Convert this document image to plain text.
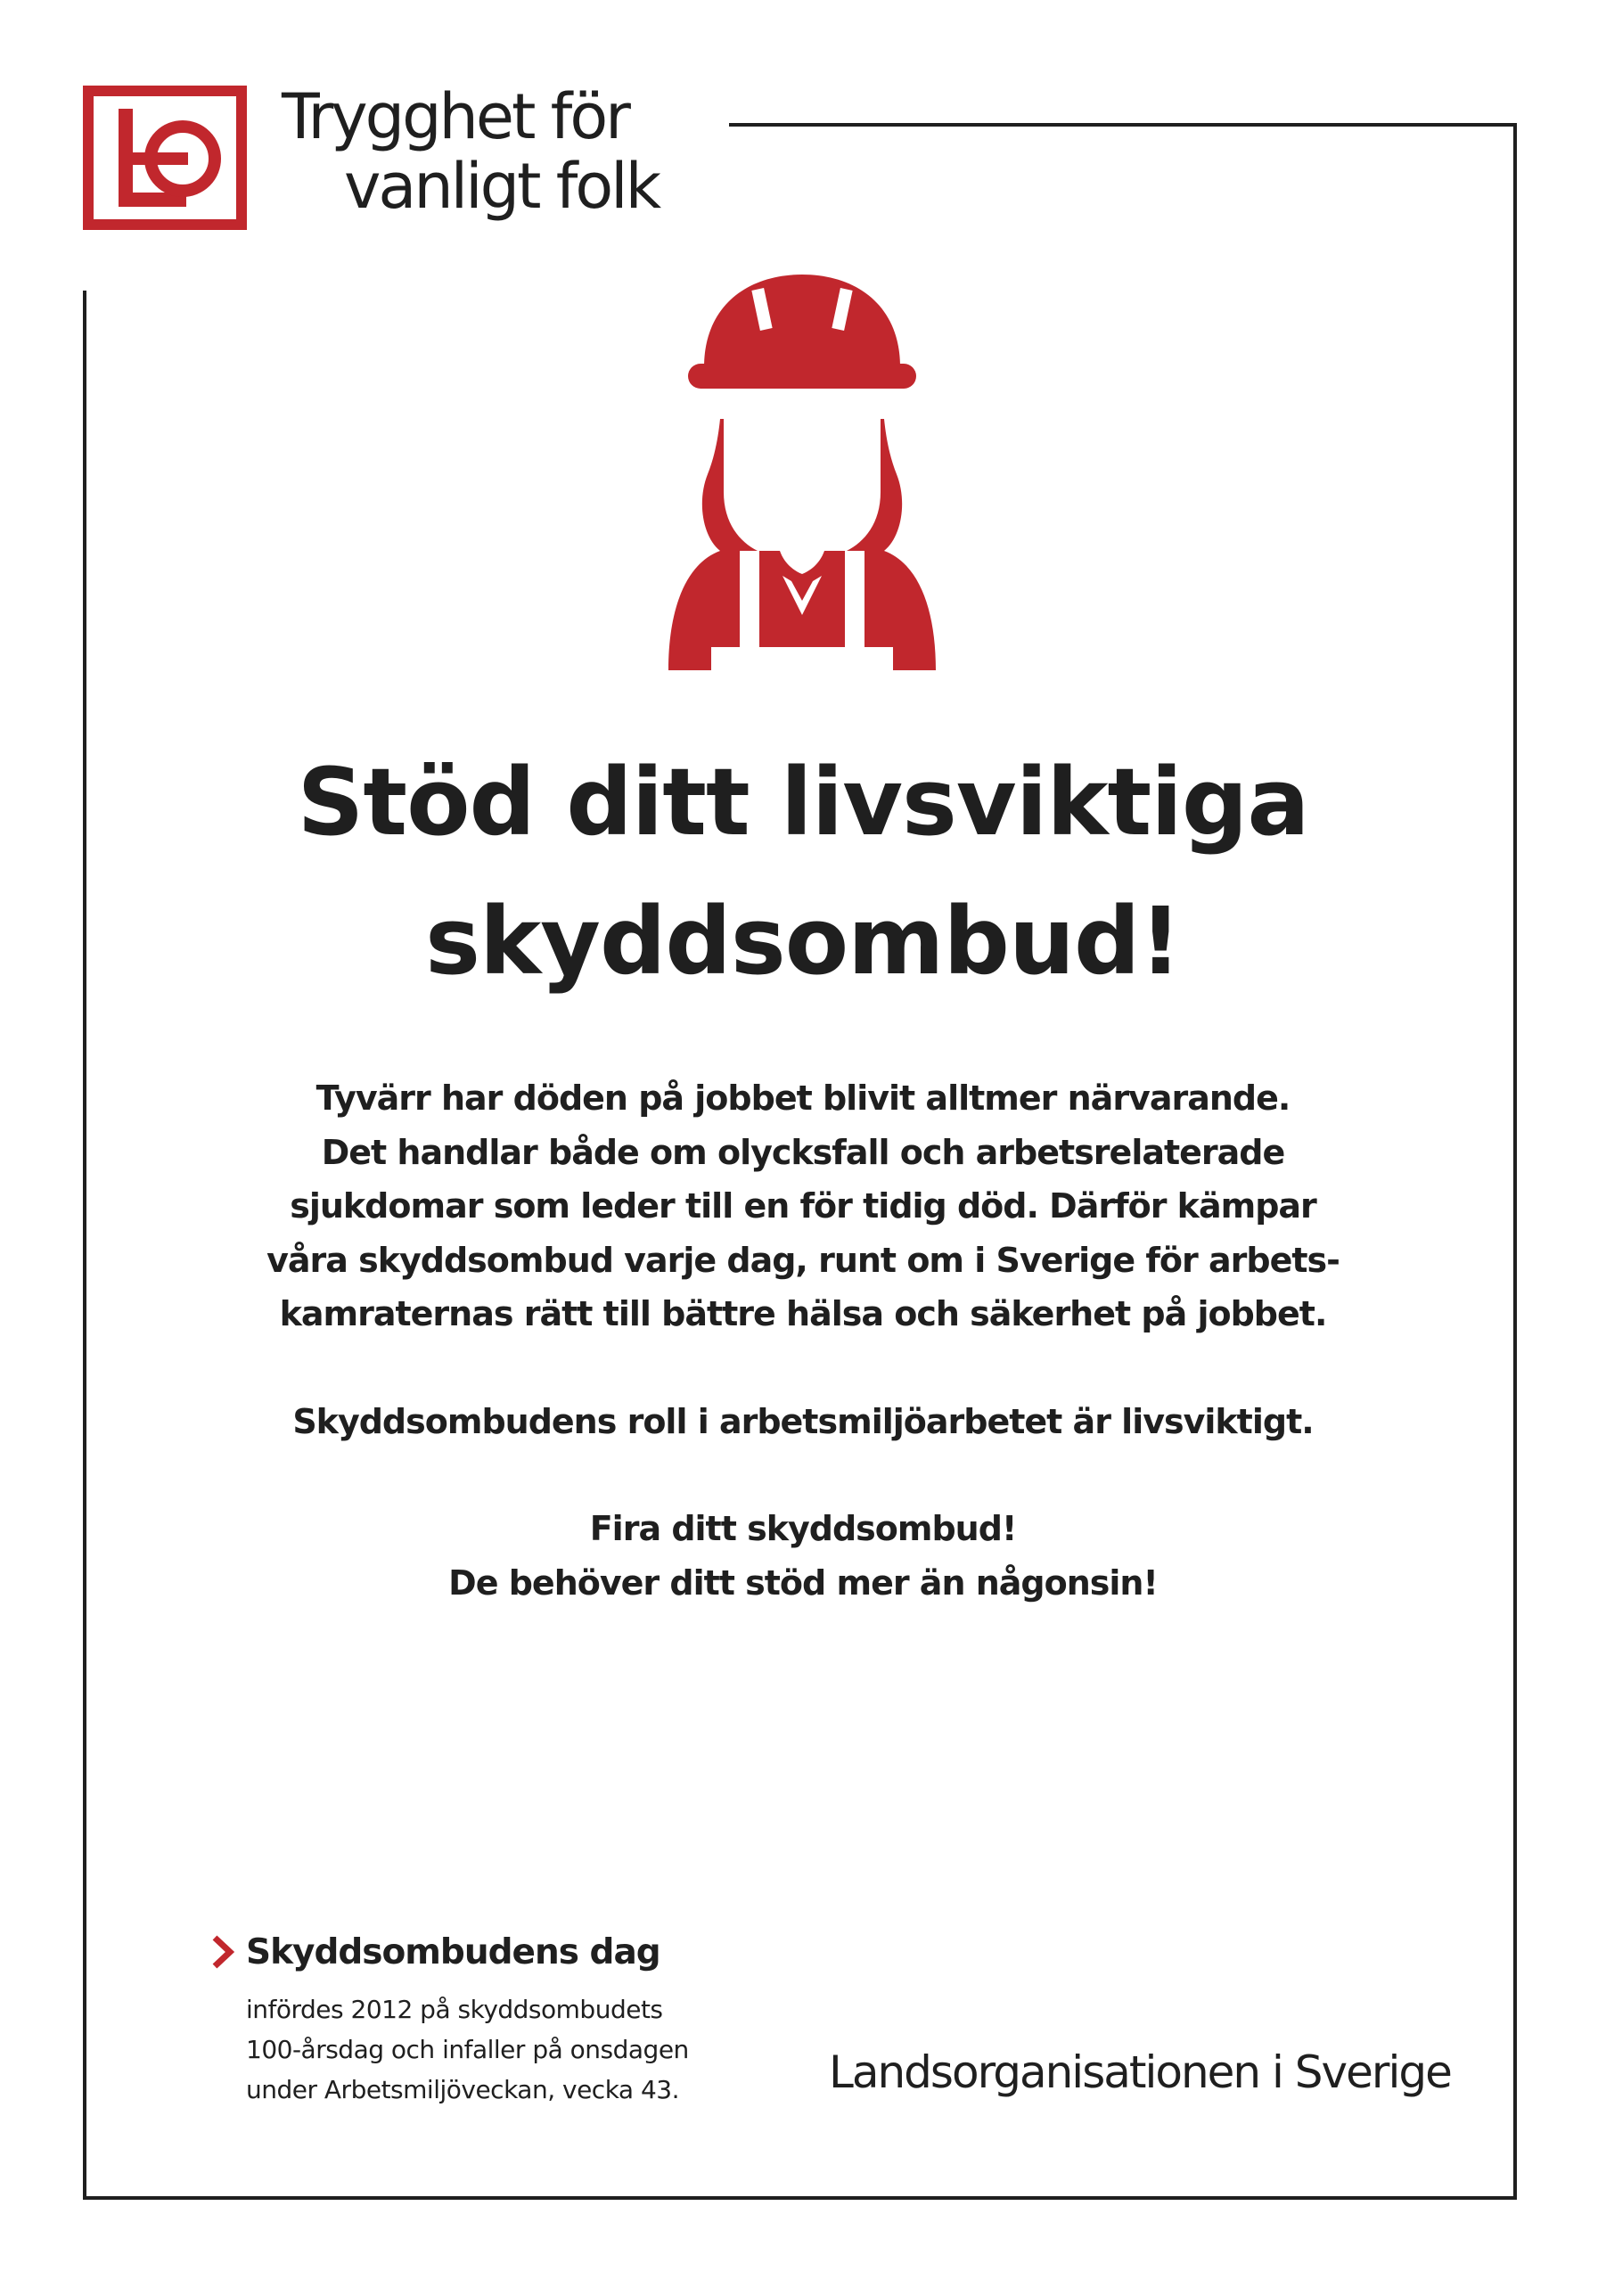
Trygghet för
vanligt folk
Stöd ditt livsviktiga
skyddsombud!
Tyvärr har döden på jobbet blivit alltmer närvarande.
Det handlar både om olycksfall och arbetsrelaterade
sjukdomar som leder till en för tidig död. Därför kämpar
våra skyddsombud varje dag, runt om i Sverige för arbets-
kamraternas rätt till bättre hälsa och säkerhet på jobbet.
Skyddsombudens roll i arbetsmiljöarbetet är livsviktigt.
Fira ditt skyddsombud!
De behöver ditt stöd mer än någonsin!
Skyddsombudens dag
infördes 2012 på skyddsombudets
100-årsdag och infaller på onsdagen
under Arbetsmiljöveckan, vecka 43.	Landsorganisationen i Sverige
